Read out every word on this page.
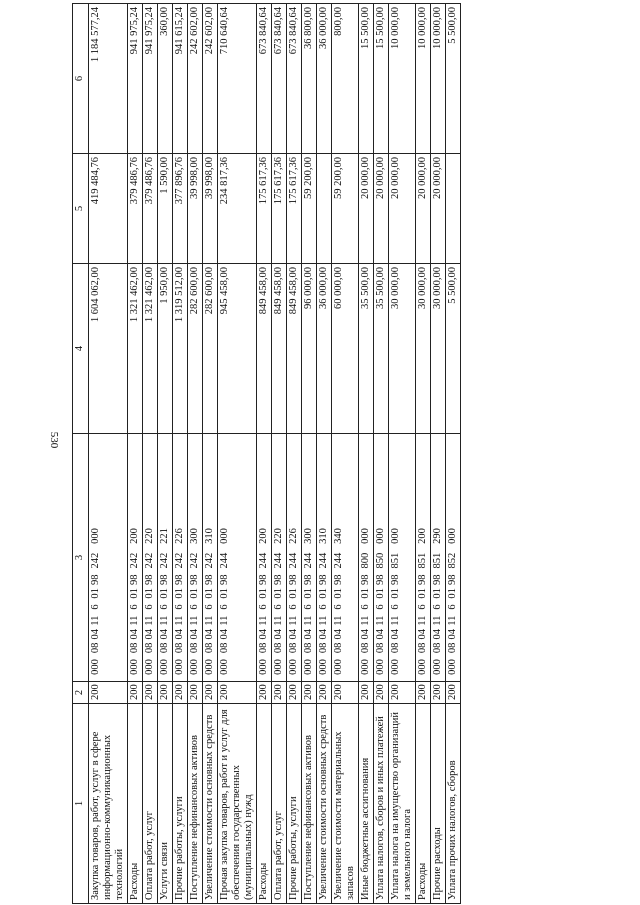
530
1	2	3	4	5	6
Закупка товаров, работ, услуг в сфере информационно-коммуникационных технологий	200	000 08 04 11 6 01 98 242 000	1 604 062,00	419 484,76	1 184 577,24
Расходы	200	000 08 04 11 6 01 98 242 200	1 321 462,00	379 486,76	941 975,24
Оплата работ, услуг	200	000 08 04 11 6 01 98 242 220	1 321 462,00	379 486,76	941 975,24
Услуги связи	200	000 08 04 11 6 01 98 242 221	1 950,00	1 590,00	360,00
Прочие работы, услуги	200	000 08 04 11 6 01 98 242 226	1 319 512,00	377 896,76	941 615,24
Поступление нефинансовых активов	200	000 08 04 11 6 01 98 242 300	282 600,00	39 998,00	242 602,00
Увеличение стоимости основных средств	200	000 08 04 11 6 01 98 242 310	282 600,00	39 998,00	242 602,00
Прочая закупка товаров, работ и услуг для обеспечения государственных (муниципальных) нужд	200	000 08 04 11 6 01 98 244 000	945 458,00	234 817,36	710 640,64
Расходы	200	000 08 04 11 6 01 98 244 200	849 458,00	175 617,36	673 840,64
Оплата работ, услуг	200	000 08 04 11 6 01 98 244 220	849 458,00	175 617,36	673 840,64
Прочие работы, услуги	200	000 08 04 11 6 01 98 244 226	849 458,00	175 617,36	673 840,64
Поступление нефинансовых активов	200	000 08 04 11 6 01 98 244 300	96 000,00	59 200,00	36 800,00
Увеличение стоимости основных средств	200	000 08 04 11 6 01 98 244 310	36 000,00		36 000,00
Увеличение стоимости материальных запасов	200	000 08 04 11 6 01 98 244 340	60 000,00	59 200,00	800,00
Иные бюджетные ассигнования	200	000 08 04 11 6 01 98 800 000	35 500,00	20 000,00	15 500,00
Уплата налогов, сборов и иных платежей	200	000 08 04 11 6 01 98 850 000	35 500,00	20 000,00	15 500,00
Уплата налога на имущество организаций и земельного налога	200	000 08 04 11 6 01 98 851 000	30 000,00	20 000,00	10 000,00
Расходы	200	000 08 04 11 6 01 98 851 200	30 000,00	20 000,00	10 000,00
Прочие расходы	200	000 08 04 11 6 01 98 851 290	30 000,00	20 000,00	10 000,00
Уплата прочих налогов, сборов	200	000 08 04 11 6 01 98 852 000	5 500,00		5 500,00
